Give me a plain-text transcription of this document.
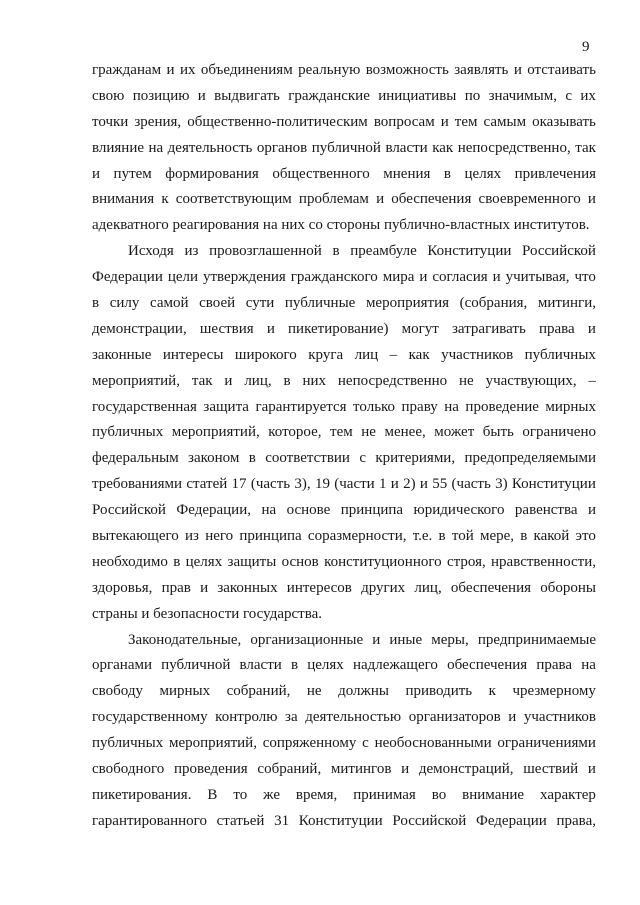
9
гражданам и их объединениям реальную возможность заявлять и отстаивать
свою позицию и выдвигать гражданские инициативы по значимым, с их
точки зрения, общественно-политическим вопросам и тем самым оказывать
влияние на деятельность органов публичной власти как непосредственно, так
и путем формирования общественного мнения в целях привлечения
внимания к соответствующим проблемам и обеспечения своевременного и
адекватного реагирования на них со стороны публично-властных институтов.
Исходя из провозглашенной в преамбуле Конституции Российской
Федерации цели утверждения гражданского мира и согласия и учитывая, что
в силу самой своей сути публичные мероприятия (собрания, митинги,
демонстрации, шествия и пикетирование) могут затрагивать права и
законные интересы широкого круга лиц – как участников публичных
мероприятий, так и лиц, в них непосредственно не участвующих, –
государственная защита гарантируется только праву на проведение мирных
публичных мероприятий, которое, тем не менее, может быть ограничено
федеральным законом в соответствии с критериями, предопределяемыми
требованиями статей 17 (часть 3), 19 (части 1 и 2) и 55 (часть 3) Конституции
Российской Федерации, на основе принципа юридического равенства и
вытекающего из него принципа соразмерности, т.е. в той мере, в какой это
необходимо в целях защиты основ конституционного строя, нравственности,
здоровья, прав и законных интересов других лиц, обеспечения обороны
страны и безопасности государства.
Законодательные, организационные и иные меры, предпринимаемые
органами публичной власти в целях надлежащего обеспечения права на
свободу мирных собраний, не должны приводить к чрезмерному
государственному контролю за деятельностью организаторов и участников
публичных мероприятий, сопряженному с необоснованными ограничениями
свободного проведения собраний, митингов и демонстраций, шествий и
пикетирования. В то же время, принимая во внимание характер
гарантированного статьей 31 Конституции Российской Федерации права,
